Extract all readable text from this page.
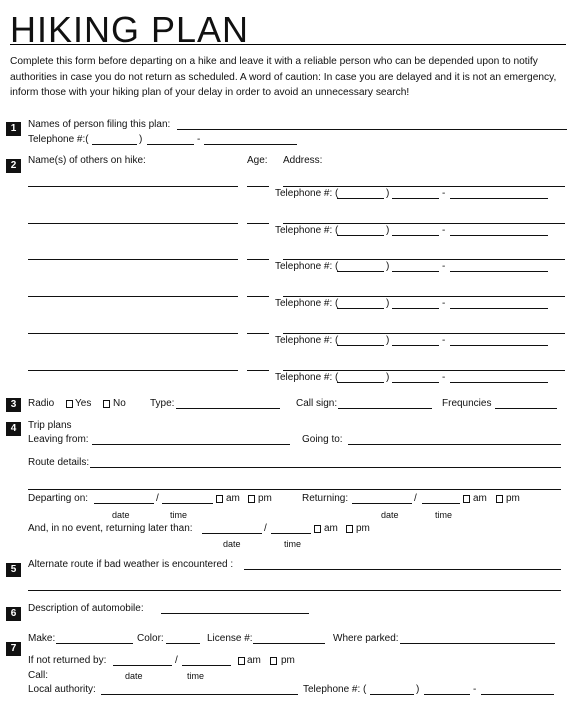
HIKING PLAN
Complete this form before departing on a hike and leave it with a reliable person who can be depended upon to notify authorities in case you do not return as scheduled. A word of caution: In case you are delayed and it is not an emergency, inform those with your hiking plan of your delay in order to avoid an unnecessary search!
1	Names of person filing this plan:
Telephone #:(	)	-
2	Name(s) of others on hike:	Age: Address:
Telephone #: (	)	-
Telephone #: (	)	-
Telephone #: (	)	-
Telephone #: (	)	-
Telephone #: (	)	-
Telephone #: (	)	-
3	Radio Yes No Type:	Call sign:	Frequncies
4	Trip plans
Leaving from:	Going to:
Route details:
Departing on:	/	am pm
date	time
Returning:	/	am pm
date	time
And, in no event, returning later than:	/	am pm
date	time
5	Alternate route if bad weather is encountered :
6	Description of automobile:
7
Make:	Color:	License #:	Where parked:
If not returned by:	/	am pm
Call:	date	time
Local authority:	Telephone #: (	)	-
